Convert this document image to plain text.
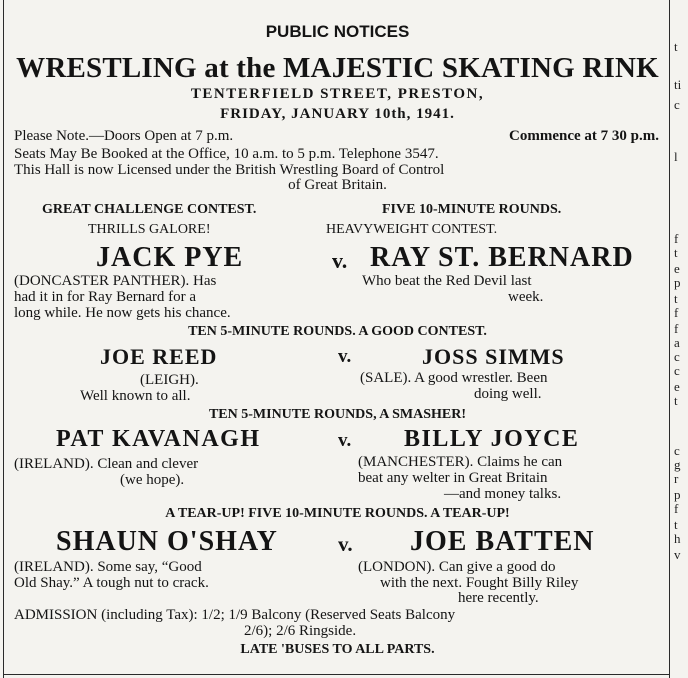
t
ti
c
l
f
t
e
p
t
f
f
a
c
c
e
t
c
g
r
p
f
t
h
v
PUBLIC NOTICES
WRESTLING at the MAJESTIC SKATING RINK
TENTERFIELD STREET, PRESTON,
FRIDAY, JANUARY 10th, 1941.
Please Note.—Doors Open at 7 p.m.	Commence at 7 30 p.m.
Seats May Be Booked at the Office, 10 a.m. to 5 p.m. Telephone 3547.
This Hall is now Licensed under the British Wrestling Board of Control
of Great Britain.
GREAT CHALLENGE CONTEST.	FIVE 10-MINUTE ROUNDS.
THRILLS GALORE!	HEAVYWEIGHT CONTEST.
JACK PYE	v. RAY ST. BERNARD
(DONCASTER PANTHER). Has
had it in for Ray Bernard for a
long while. He now gets his chance.
Who beat the Red Devil last
week.
TEN 5-MINUTE ROUNDS. A GOOD CONTEST.
JOE REED	v.	JOSS SIMMS
(LEIGH).
Well known to all.
(SALE). A good wrestler. Been
doing well.
TEN 5-MINUTE ROUNDS, A SMASHER!
PAT KAVANAGH	v. BILLY JOYCE
(IRELAND). Clean and clever
(we hope).
(MANCHESTER). Claims he can
beat any welter in Great Britain
—and money talks.
A TEAR-UP! FIVE 10-MINUTE ROUNDS. A TEAR-UP!
SHAUN O'SHAY	v. JOE BATTEN
(IRELAND). Some say, “Good
Old Shay.” A tough nut to crack.
(LONDON). Can give a good do
with the next. Fought Billy Riley
here recently.
ADMISSION (including Tax): 1/2; 1/9 Balcony (Reserved Seats Balcony
2/6); 2/6 Ringside.
LATE 'BUSES TO ALL PARTS.
